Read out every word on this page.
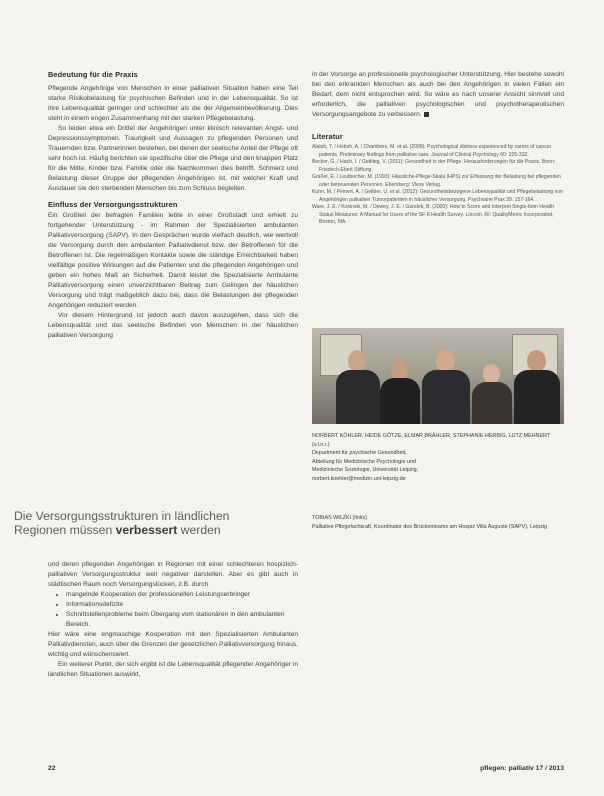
Bedeutung für die Praxis

Pflegende Angehörige von Menschen in einer palliativen Situation haben eine Teil starke Risikobelastung für psychischen Befinden und in der Lebensqualität. So ist ihre Lebensqualität geringer und schlechter als die der Allgemeinbevölkerung. Dies steht in einem engen Zusammenhang mit der starken Pflegebelastung.

So leiden etwa ein Drittel der Angehörigen unter klinisch relevanten Angst- und Depressionssymptomen. Traurigkeit und Aussagen zu pflegenden Personen und Trauernden bzw. Partnerinnen bestehen, bei denen der seelische Anteil der Pflege oft sehr hoch ist. Häufig berichten sie spezifische über die Pflege und den knappen Platz für die Mitte. Kinder bzw. Familie oder die Nachkommen dies betrifft. Schmerz und Belastung dieser Gruppe der pflegenden Angehörigen ist, mit welcher Kraft und Ausdauer sie den sterbenden Menschen bis zum Schluss begleiten.

Einfluss der Versorgungsstrukturen

Ein Großteil der befragten Familien lebte in einer Großstadt und erhielt zu fortgehender Unterstützung - im Rahmen der Spezialisierten ambulanten Palliativversorgung (SAPV). In den Gesprächen wurde vielfach deutlich, wie wertvoll die Versorgung durch den ambulanten Palliativdienst bzw. der Betroffenen für die Betroffenen ist. Die regelmäßigen Kontakte sowie die ständige Erreichbarkeit haben vielfältige positive Wirkungen auf die Patienten und die pflegenden Angehörigen und geben ein hohes Maß an Sicherheit. Damit leistet die Spezialisierte Ambulante Palliativversorgung einen unverzichtbaren Beitrag zum Gelingen der häuslichen Versorgung und trägt maßgeblich dazu bei, dass die Belastungen der pflegenden Angehörigen reduziert werden.

Vor diesem Hintergrund ist jedoch auch davon auszugehen, dass sich die Lebensqualität und das seelische Befinden von Menschen in der häuslichen palliativen Versorgung

Die Versorgungsstrukturen in ländlichen
Regionen müssen verbessert werden

und deren pflegenden Angehörigen in Regionen mit einer schlechteren hospizlich-palliativen Versorgungsstruktur weit negativer darstellen. Aber es gibt auch in städtischen Raum noch Versorgungslücken, z.B. durch

• mangelnde Kooperation der professionellen Leistungserbringer
• Informationsdefizite
• Schnittstellenprobleme beim Übergang vom stationären in den ambulanten Bereich.

Hier wäre eine engmaschige Kooperation mit den Spezialisierten Ambulanten Palliativdiensten, auch über die Grenzen der gesetzlichen Palliativversorgung hinaus, wichtig und wünschenswert.

Ein weiterer Punkt, der sich ergibt ist die Lebensqualität pflegender Angehöriger in ländlichen Situationen auswirkt,

in der Vorsorge an professionelle psychologischer Unterstützung. Hier bestehe sowohl bei den erkrankten Menschen als auch bei den Angehörigen in vielen Fällen ein Bedarf, dem nicht entsprochen wird. So wäre es nach unserer Ansicht sinnvoll und erforderlich, die palliativen psychologischen und psychotherapeutischen Versorgungsangebote zu verbessern.

Literatur

Alaloh, T. / Hobuh, A. / Chambers, M. et al. (2009): Psychological distress experienced by carers of cancer patients. Preliminary findings from palliative care. Journal of Clinical Psychology 60: 325-332.

Becker, G. / Hach, I. / Gottlieg, V. (2011): Gesundheit in der Pflege. Herausforderungen für die Praxis. Bonn: Friedrich-Ebert Stiftung.

Gräßel, E. / Leutbecher, M. (1993): Häusliche-Pflege-Skala (HPS) zur Erfassung der Belastung bei pflegenden oder betreuenden Personen. Ebersberg: Vless Verlag.

Kuhn, M. / Peinert, A. / Geibler, U. et al. (2012): Gesundheitsbezogene Lebensqualität und Pflegebelastung von Angehörigen palliativer Tumorpatienten in häuslicher Versorgung. Psychiatrie Prax 39: 157-164.

Ware, J. E. / Kosinski, M. / Dewey, J. E. / Gandek, B. (2000): How to Score and Interpret Single-Item Health Status Measures: A Manual for Users of the SF-8 Health Survey. Lincoln, RI: QualityMetric Incorporated, Boston, MA.

NORBERT KÖHLER, HEIDE GÖTZE, ELMAR BRÄHLER, STEPHANIE HERBIG, LUTZ MEHNERT (v.l.n.r.)

Department für psychische Gesundheit,

Abteilung für Medizinische Psychologie und

Medizinische Soziologie, Universität Leipzig,

norbert.koehler@medizin.uni-leipzig.de

TOBIAS WILZKI (links)

Palliative Pflegefachkraft, Koordinator des Brückenteams am Hospiz Villa Auguste (SAPV), Leipzig

22	pflegen: palliativ 17 / 2013
